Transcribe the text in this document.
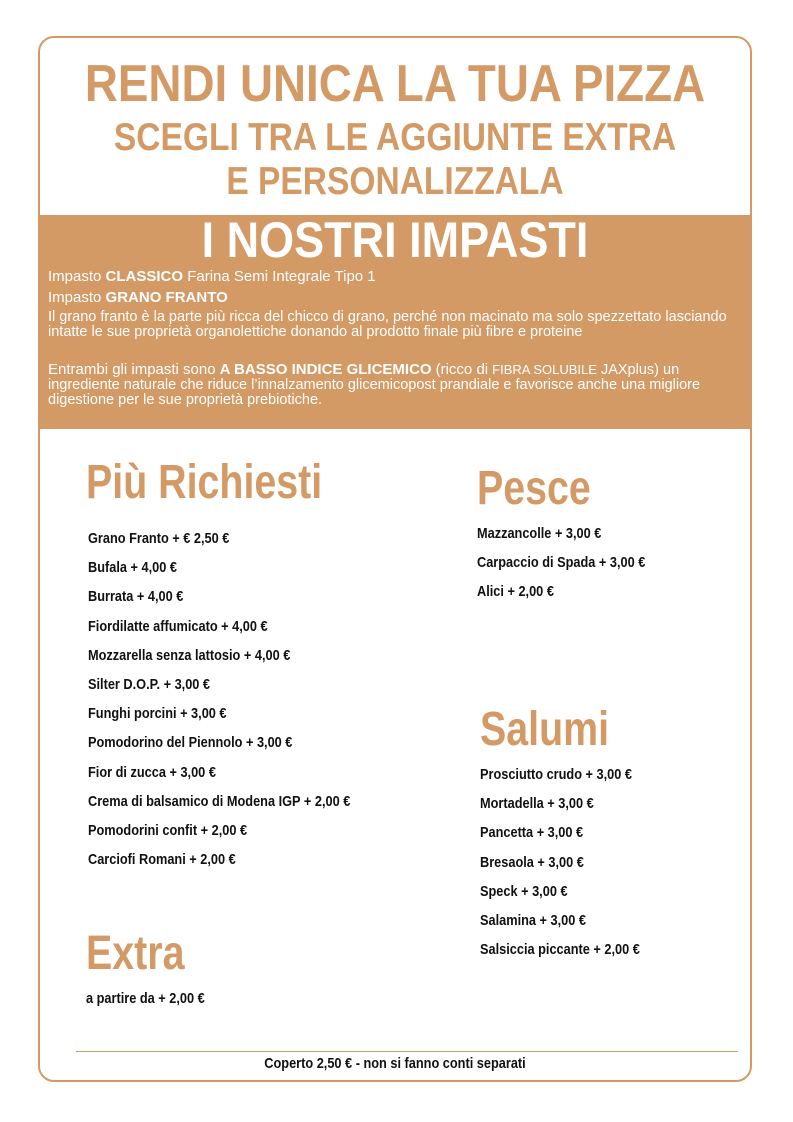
RENDI UNICA LA TUA PIZZA
SCEGLI TRA LE AGGIUNTE EXTRA
E PERSONALIZZALA
I NOSTRI IMPASTI

Impasto CLASSICO Farina Semi Integrale Tipo 1

Impasto GRANO FRANTO

Il grano franto è la parte più ricca del chicco di grano, perché non macinato ma solo spezzettato lasciando intatte le sue proprietà organolettiche donando al prodotto finale più fibre e proteine

Entrambi gli impasti sono A BASSO INDICE GLICEMICO (ricco di FIBRA SOLUBILE JAXplus) un ingrediente naturale che riduce l’innalzamento glicemicopost prandiale e favorisce anche una migliore digestione per le sue proprietà prebiotiche.

Più Richiesti
Grano Franto + € 2,50 €
Bufala + 4,00 €
Burrata + 4,00 €
Fiordilatte affumicato + 4,00 €
Mozzarella senza lattosio + 4,00 €
Silter D.O.P. + 3,00 €
Funghi porcini + 3,00 €
Pomodorino del Piennolo + 3,00 €
Fior di zucca + 3,00 €
Crema di balsamico di Modena IGP + 2,00 €
Pomodorini confit + 2,00 €
Carciofi Romani + 2,00 €
Pesce
Mazzancolle + 3,00 €
Carpaccio di Spada + 3,00 €
Alici + 2,00 €
Salumi
Prosciutto crudo + 3,00 €
Mortadella + 3,00 €
Pancetta + 3,00 €
Bresaola + 3,00 €
Speck + 3,00 €
Salamina + 3,00 €
Salsiccia piccante + 2,00 €
Extra
a partire da + 2,00 €
Coperto 2,50 € - non si fanno conti separati
